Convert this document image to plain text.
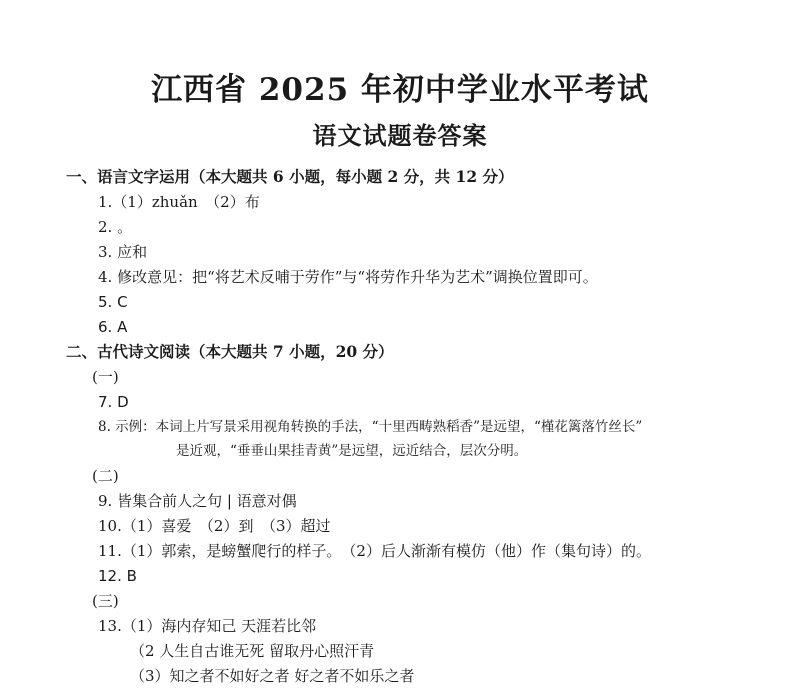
江西省 2025 年初中学业水平考试
语文试题卷答案
一、语言文字运用（本大题共 6 小题，每小题 2 分，共 12 分）
1.（1）zhuǎn　（2）布
2. 。
3. 应和
4. 修改意见：把“将艺术反哺于劳作”与“将劳作升华为艺术”调换位置即可。
5. C
6. A
二、古代诗文阅读（本大题共 7 小题，20 分）
(一)
7. D
8. 示例：本词上片写景采用视角转换的手法，“十里西畴熟稻香”是远望，“槿花篱落竹丝长”
是近观，“垂垂山果挂青黄”是远望，远近结合，层次分明。
(二)
9. 皆集合前人之句 | 语意对偶
10.（1）喜爱　（2）到　（3）超过
11.（1）郭索，是螃蟹爬行的样子。　（2）后人渐渐有模仿（他）作（集句诗）的。
12. B
(三)
13.（1）海内存知己 天涯若比邻
（2 人生自古谁无死 留取丹心照汗青
（3）知之者不如好之者 好之者不如乐之者
